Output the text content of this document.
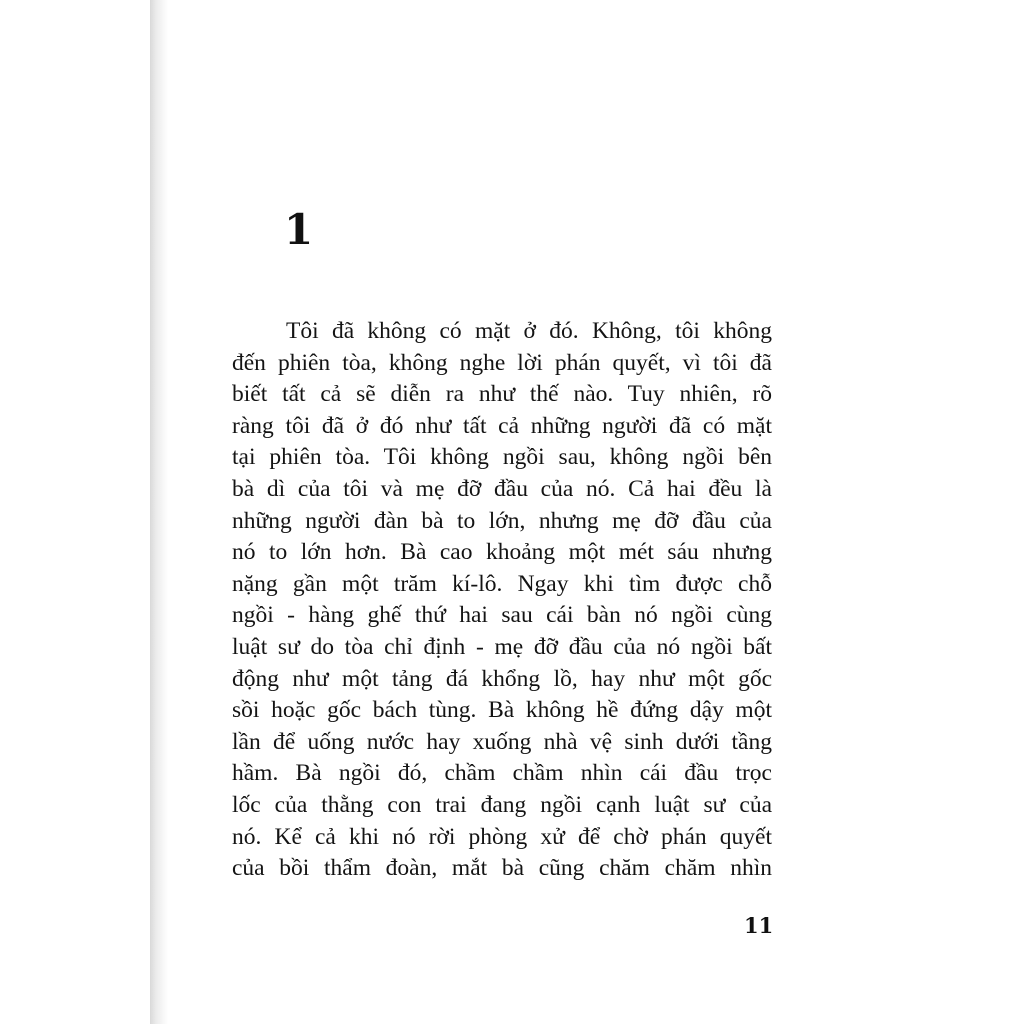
1
Tôi đã không có mặt ở đó. Không, tôi không
đến phiên tòa, không nghe lời phán quyết, vì tôi đã
biết tất cả sẽ diễn ra như thế nào. Tuy nhiên, rõ
ràng tôi đã ở đó như tất cả những người đã có mặt
tại phiên tòa. Tôi không ngồi sau, không ngồi bên
bà dì của tôi và mẹ đỡ đầu của nó. Cả hai đều là
những người đàn bà to lớn, nhưng mẹ đỡ đầu của
nó to lớn hơn. Bà cao khoảng một mét sáu nhưng
nặng gần một trăm kí-lô. Ngay khi tìm được chỗ
ngồi - hàng ghế thứ hai sau cái bàn nó ngồi cùng
luật sư do tòa chỉ định - mẹ đỡ đầu của nó ngồi bất
động như một tảng đá khổng lồ, hay như một gốc
sồi hoặc gốc bách tùng. Bà không hề đứng dậy một
lần để uống nước hay xuống nhà vệ sinh dưới tầng
hầm. Bà ngồi đó, chầm chầm nhìn cái đầu trọc
lốc của thằng con trai đang ngồi cạnh luật sư của
nó. Kể cả khi nó rời phòng xử để chờ phán quyết
của bồi thẩm đoàn, mắt bà cũng chăm chăm nhìn
11
